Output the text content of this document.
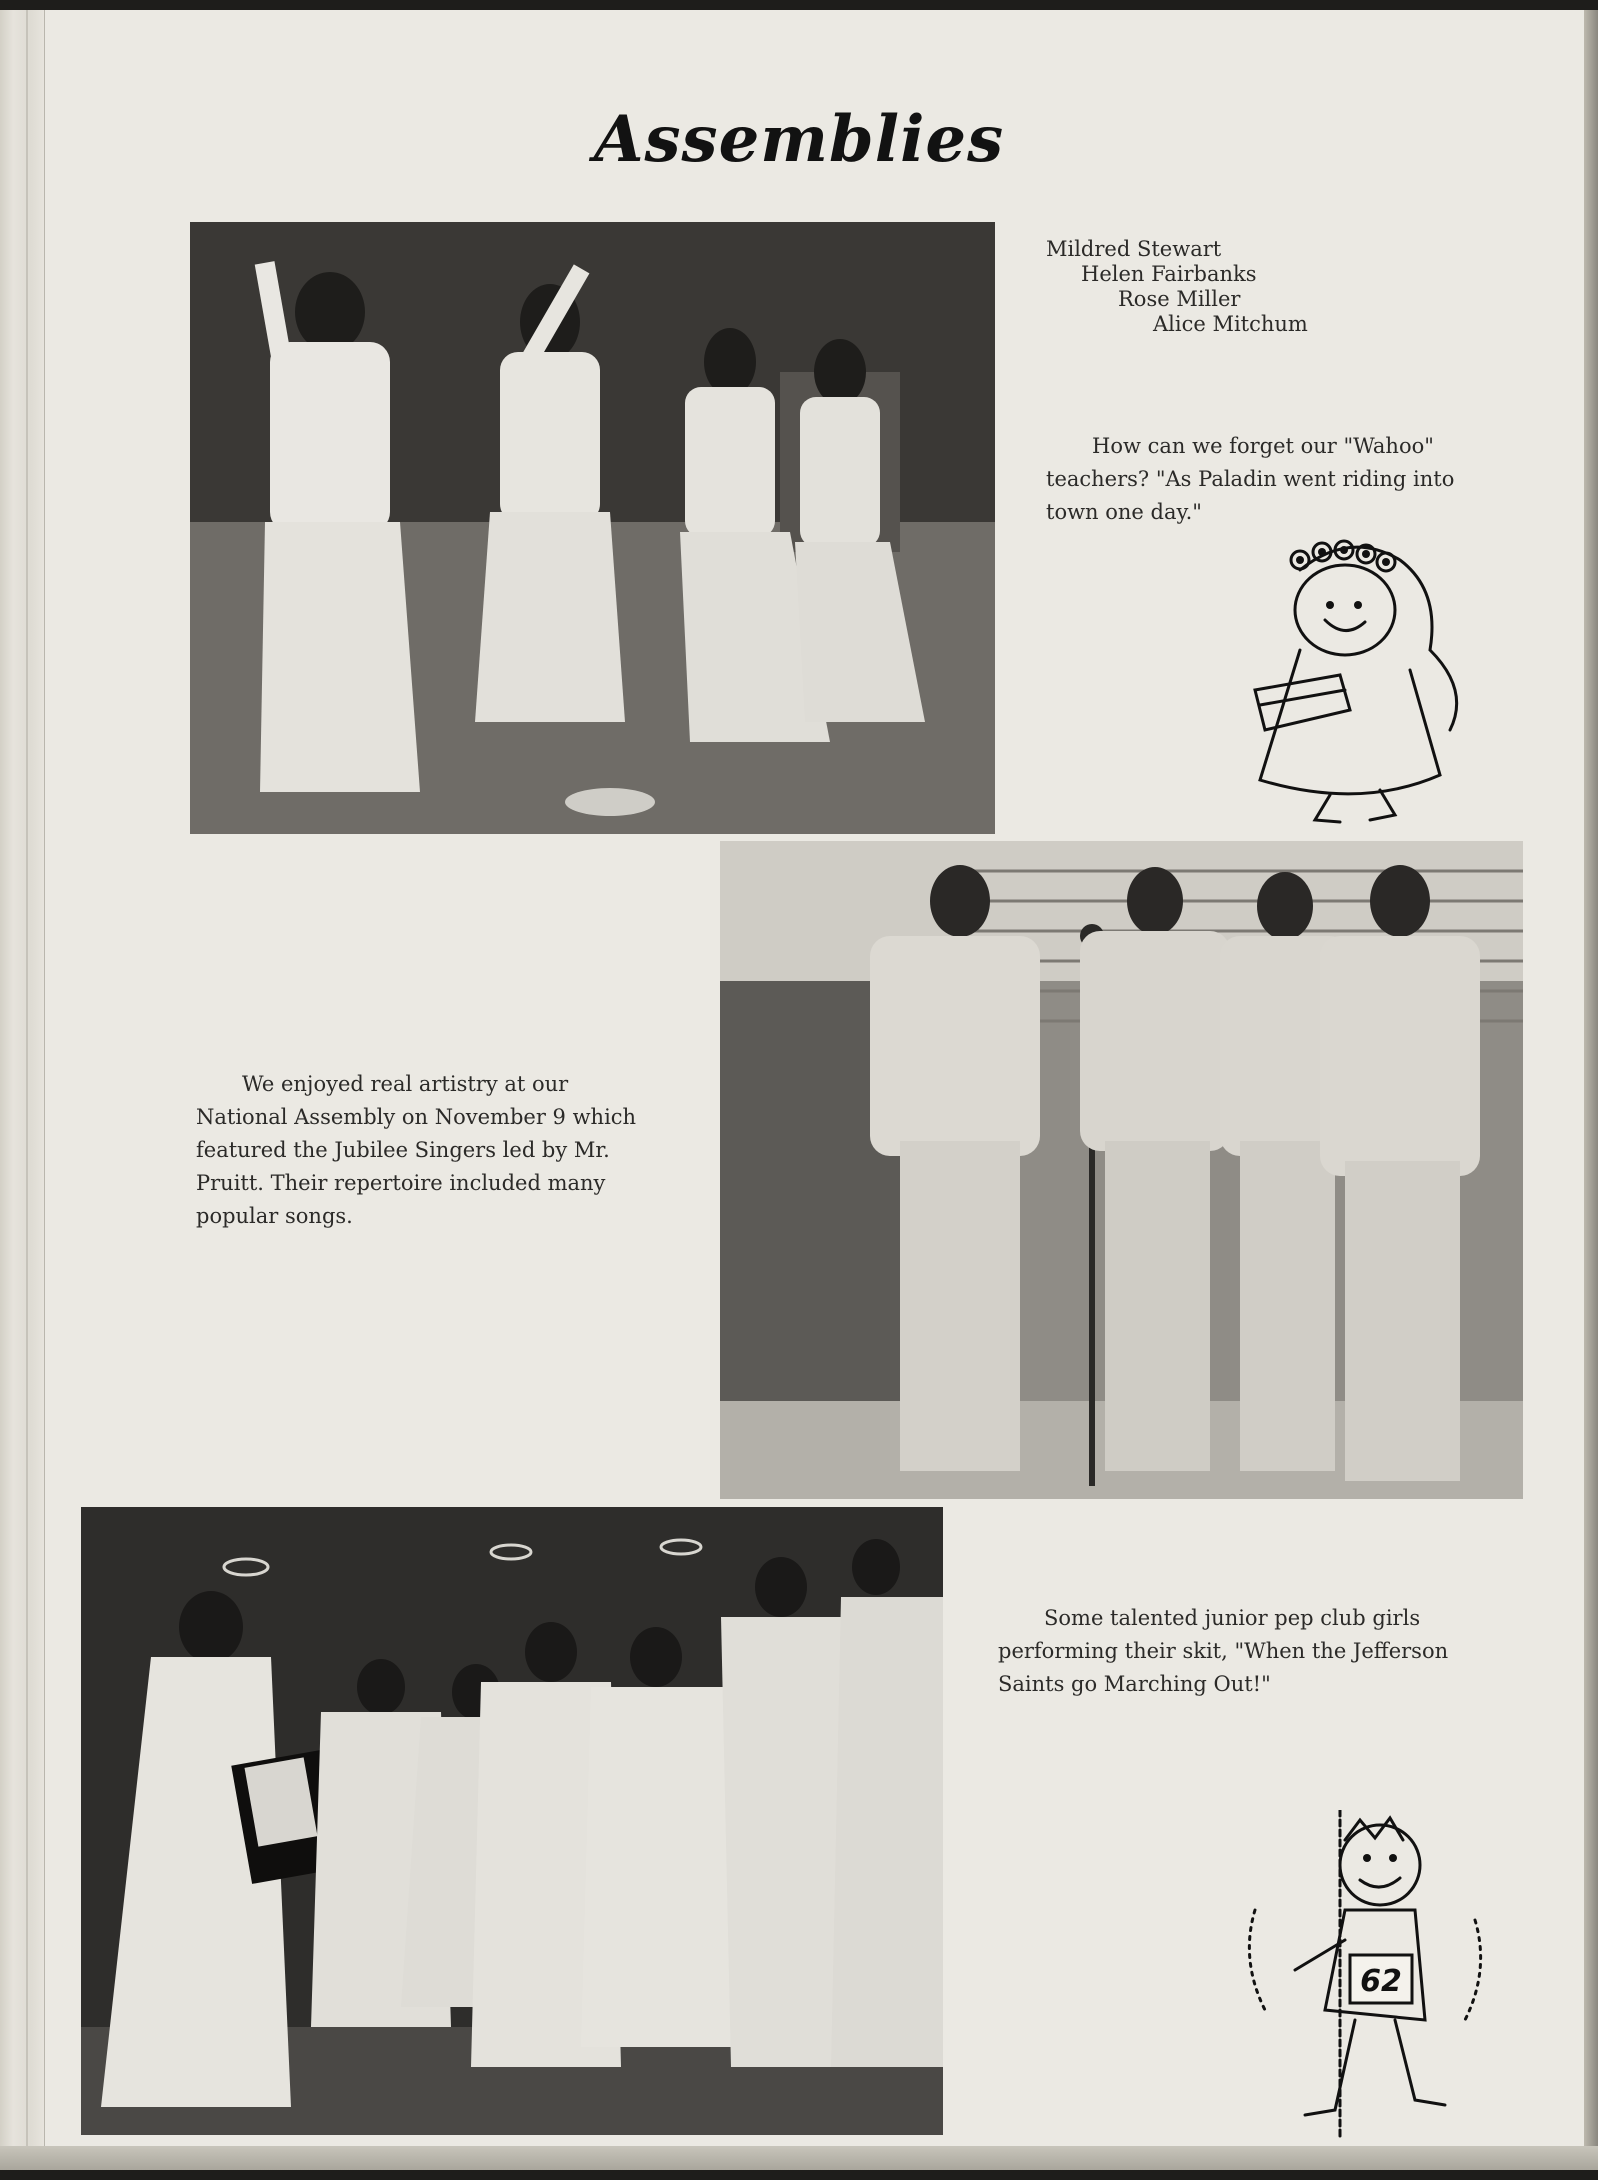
Assemblies
Mildred Stewart
Helen Fairbanks
Rose Miller
Alice Mitchum
How can we forget our "Wahoo" teachers? "As Paladin went riding into town one day."
We enjoyed real artistry at our National Assembly on November 9 which featured the Jubilee Singers led by Mr. Pruitt. Their repertoire included many popular songs.
Some talented junior pep club girls performing their skit, "When the Jefferson Saints go Marching Out!"
62
